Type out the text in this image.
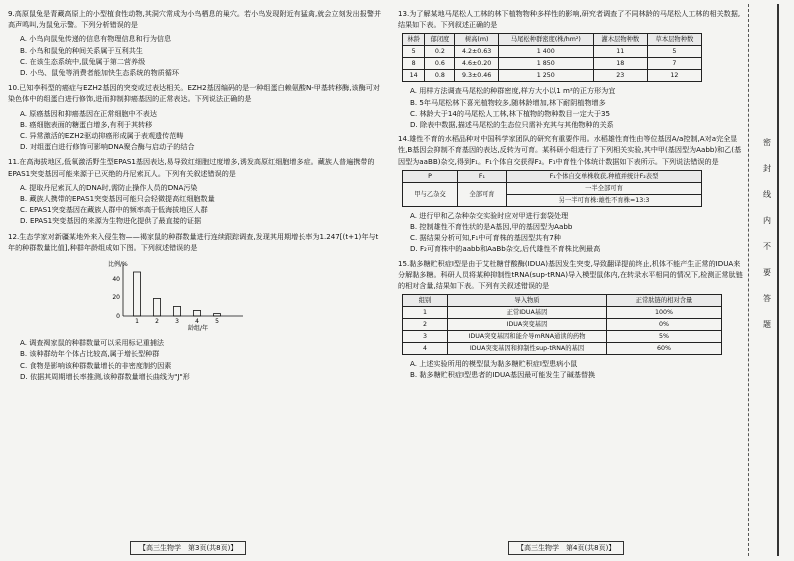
9.高原鼠兔是青藏高原上的小型植食性动物,其洞穴常成为小鸟栖息的巢穴。若小鸟发现附近有猛禽,就会立刻发出报警并高声鸣叫,为鼠兔示警。下列分析错误的是

A. 小鸟向鼠兔传递的信息有物理信息和行为信息

B. 小鸟和鼠兔的种间关系属于互利共生

C. 在该生态系统中,鼠兔属于第二营养级

D. 小鸟、鼠兔等消费者能加快生态系统的物质循环

10.已知李科型的癌症与EZH2基因的突变或过表达相关。EZH2基因编码的是一种组蛋白赖氨酸N-甲基转移酶,该酶可对染色体中的组蛋白进行修饰,进而抑制抑癌基因的正常表达。下列说法正确的是

A. 原癌基因和抑癌基因在正常细胞中不表达

B. 癌细胞表面的糖蛋白增多,有利于其转移

C. 异常激活的EZH2驱动抑癌形成属于表观遗传范畴

D. 对组蛋白进行修饰可影响DNA聚合酶与启动子的结合

11.在高海拔地区,低氧激活野生型EPAS1基因表达,易导致红细胞过度增多,诱发高原红细胞增多症。藏族人普遍携带的EPAS1突变基因可能来源于已灭绝的丹尼索瓦人。下列有关叙述错误的是

A. 提取丹尼索瓦人的DNA时,需防止操作人员的DNA污染

B. 藏族人携带的EPAS1突变基因可能只会轻微提高红细胞数量

C. EPAS1突变基因在藏族人群中的频率高于低海拔地区人群

D. EPAS1突变基因的来源为生物进化提供了最直接的证据

12.生态学家对新疆某地外来入侵生物——褐家鼠的种群数量进行连续跟踪调查,发现其用期增长率为1.247[(t+1)年与t年的种群数量比值],种群年龄组成如下图。下列叙述错误的是

比例/%
40
20
0
1	2	3	4	5
龄组/年

A. 调查褐家鼠的种群数量可以采用标记重捕法

B. 该种群幼年个体占比较高,属于增长型种群

C. 食物是影响该种群数量增长的非密度制约因素

D. 依据其周期增长率推测,该种群数量增长曲线为"J"形

【高三生物学　第3页(共8页)】

13.为了解某地马尾松人工林的林下植物物种多样性的影响,研究者调查了不同林龄的马尾松人工林的相关数据,结果如下表。下列叙述正确的是

林龄	郁闭度	树高(m)	马尾松种群密度(株/hm²)	灌木层物种数	草本层物种数
5	0.2	4.2±0.63	1 400	11	5
8	0.6	4.6±0.20	1 850	18	7
14	0.8	9.3±0.46	1 250	23	12

A. 用样方法调查马尾松的种群密度,样方大小以1 m²的正方形为宜

B. 5年马尾松林下喜光植物较多,随林龄增加,林下耐阴植物增多

C. 林龄大于14的马尾松人工林,林下植物的物种数目一定大于35

D. 除表中数据,描述马尾松的生态位只需补充其与其他物种的关系

14.雄性不育的水稻品种对中国科学家团队的研究有重要作用。水稻雄性育性由等位基因A/a控制,A对a完全显性,B基因会抑制不育基因的表达,反转为可育。某科研小组进行了下列相关实验,其中甲(基因型为Aabb)和乙(基因型为aaBB)杂交,得到F₁。F₁个体自交获得F₂。F₁中育性个体统计数据如下表所示。下列说法错误的是

P	F₁	F₁个体自交单株收获,种植并统计F₂表型
甲与乙杂交	全部可育	一半全部可育
		另一半可育株:雄性不育株=13:3

A. 进行甲和乙杂种杂交实验时应对甲进行套袋处理

B. 控制雄性不育性状的是A基因,甲的基因型为Aabb

C. 据结果分析可知,F₁中可育株的基因型共有7种

D. F₂可育株中的aabb和AaBb杂交,后代雄性不育株比例最高

15.黏多糖贮积症Ⅰ型是由于艾杜糖苷酸酶(IDUA)基因发生突变,导致翻译提前终止,机体不能产生正常的IDUA来分解黏多糖。科研人员将某种抑制性tRNA(sup-tRNA)导入模型鼠体内,在转录水平相同的情况下,检测正常肽链的相对含量,结果如下表。下列有关叙述错误的是

组别	导入物质	正常肽链的相对含量
1	正常IDUA基因	100%
2	IDUA突变基因	0%
3	IDUA突变基因和能介导mRNA通读的药物	5%
4	IDUA突变基因和抑制性sup-tRNA的基因	60%

A. 上述实验所用的模型鼠为黏多糖贮积症Ⅰ型患病小鼠

B. 黏多糖贮积症Ⅰ型患者的IDUA基因最可能发生了碱基替换

【高三生物学　第4页(共8页)】
密
封
线
内
不
要
答
题
